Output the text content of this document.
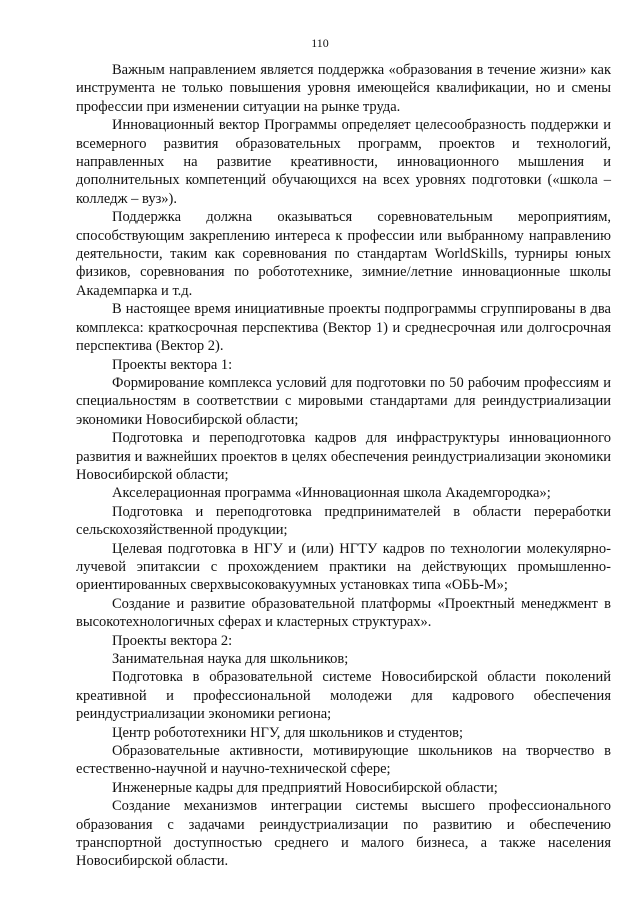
110

Важным направлением является поддержка «образования в течение жизни» как инструмента не только повышения уровня имеющейся квалификации, но и смены профессии при изменении ситуации на рынке труда.

Инновационный вектор Программы определяет целесообразность поддержки и всемерного развития образовательных программ, проектов и технологий, направленных на развитие креативности, инновационного мышления и дополнительных компетенций обучающихся на всех уровнях подготовки («школа – колледж – вуз»).

Поддержка должна оказываться соревновательным мероприятиям, способствующим закреплению интереса к профессии или выбранному направлению деятельности, таким как соревнования по стандартам WorldSkills, турниры юных физиков, соревнования по робототехнике, зимние/летние инновационные школы Академпарка и т.д.

В настоящее время инициативные проекты подпрограммы сгруппированы в два комплекса: краткосрочная перспектива (Вектор 1) и среднесрочная или долгосрочная перспектива (Вектор 2).

Проекты вектора 1:

Формирование комплекса условий для подготовки по 50 рабочим профессиям и специальностям в соответствии с мировыми стандартами для реиндустриализации экономики Новосибирской области;

Подготовка и переподготовка кадров для инфраструктуры инновационного развития и важнейших проектов в целях обеспечения реиндустриализации экономики Новосибирской области;

Акселерационная программа «Инновационная школа Академгородка»;

Подготовка и переподготовка предпринимателей в области переработки сельскохозяйственной продукции;

Целевая подготовка в НГУ и (или) НГТУ кадров по технологии молекулярно-лучевой эпитаксии с прохождением практики на действующих промышленно-ориентированных сверхвысоковакуумных установках типа «ОБЬ-М»;

Создание и развитие образовательной платформы «Проектный менеджмент в высокотехнологичных сферах и кластерных структурах».

Проекты вектора 2:

Занимательная наука для школьников;

Подготовка в образовательной системе Новосибирской области поколений креативной и профессиональной молодежи для кадрового обеспечения реиндустриализации экономики региона;

Центр робототехники НГУ, для школьников и студентов;

Образовательные активности, мотивирующие школьников на творчество в естественно-научной и научно-технической сфере;

Инженерные кадры для предприятий Новосибирской области;

Создание механизмов интеграции системы высшего профессионального образования с задачами реиндустриализации по развитию и обеспечению транспортной доступностью среднего и малого бизнеса, а также населения Новосибирской области.
